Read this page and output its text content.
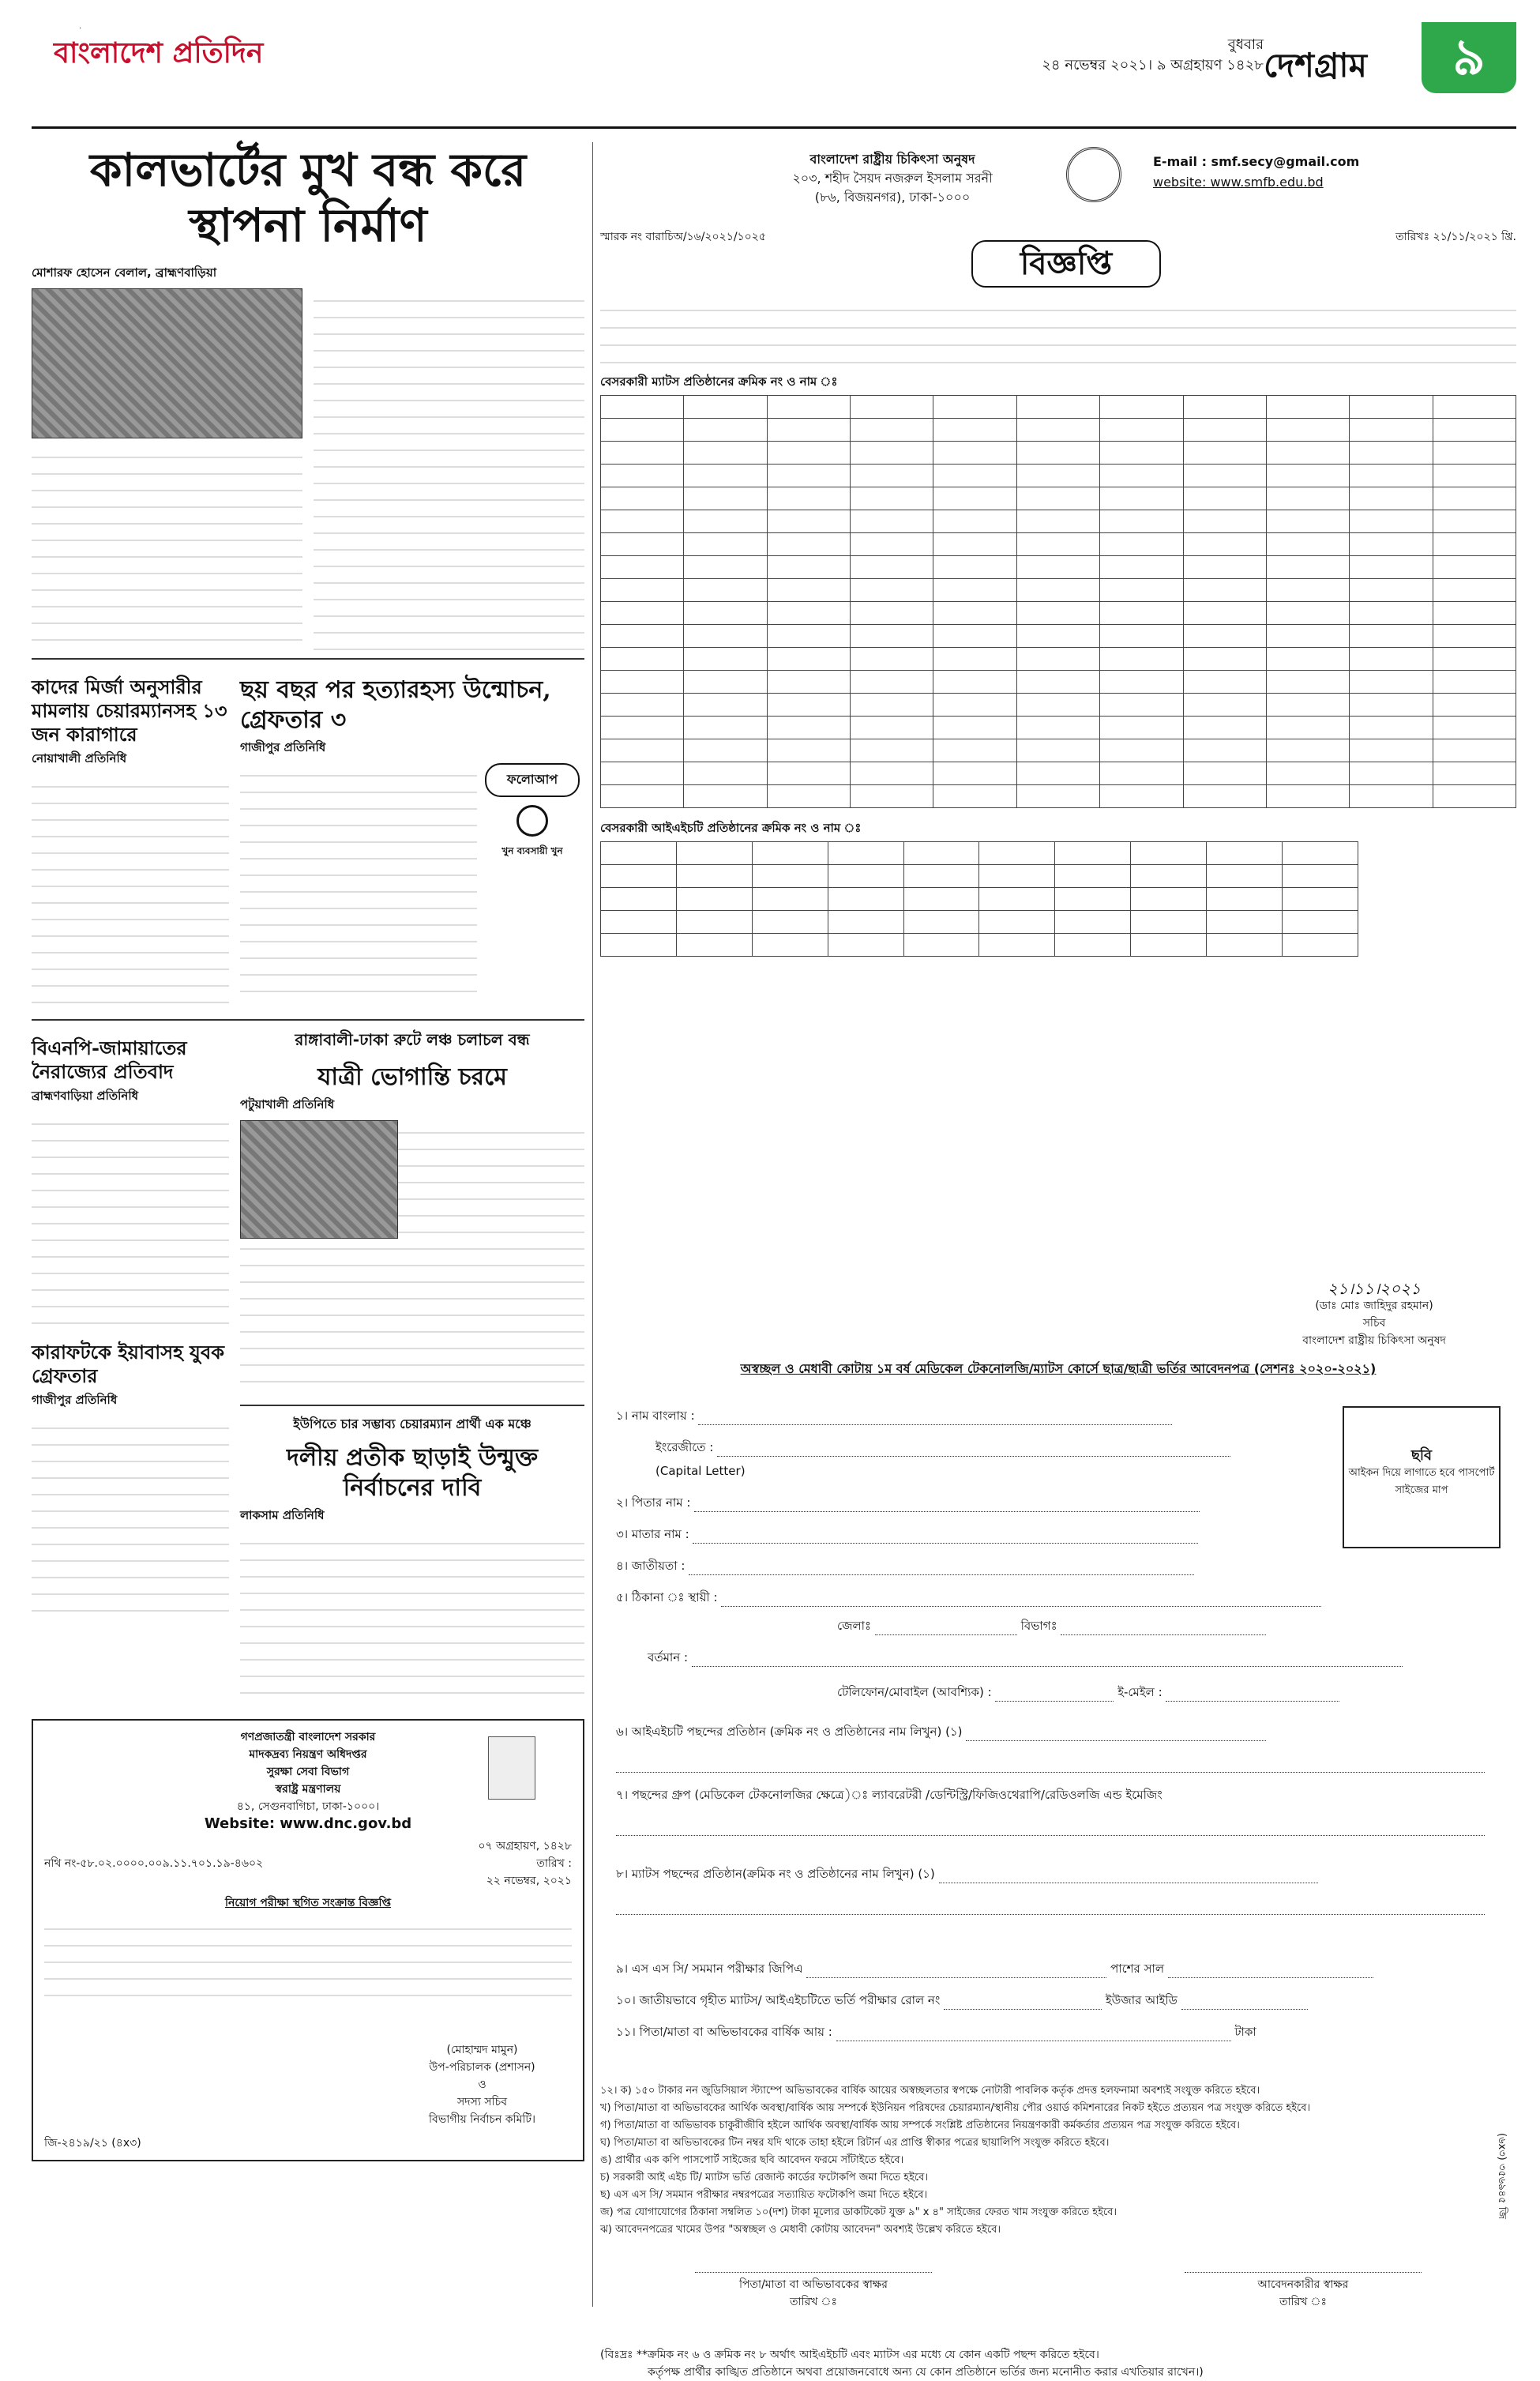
.
বাংলাদেশ প্রতিদিন	বুধবার
২৪ নভেম্বর ২০২১। ৯ অগ্রহায়ণ ১৪২৮ দেশগ্রাম	৯
কালভার্টের মুখ বন্ধ করে স্থাপনা নির্মাণ
মোশারফ হোসেন বেলাল, ব্রাহ্মণবাড়িয়া
কাদের মির্জা অনুসারীর মামলায় চেয়ারম্যানসহ ১৩ জন কারাগারে
নোয়াখালী প্রতিনিধি
ছয় বছর পর হত্যারহস্য উন্মোচন, গ্রেফতার ৩
গাজীপুর প্রতিনিধি
ফলোআপ
খুন ব্যবসায়ী খুন
বিএনপি-জামায়াতের নৈরাজ্যের প্রতিবাদ
ব্রাহ্মণবাড়িয়া প্রতিনিধি
কারাফটকে ইয়াবাসহ যুবক গ্রেফতার
গাজীপুর প্রতিনিধি
রাঙ্গাবালী-ঢাকা রুটে লঞ্চ চলাচল বন্ধ
যাত্রী ভোগান্তি চরমে
পটুয়াখালী প্রতিনিধি
ইউপিতে চার সম্ভাব্য চেয়ারম্যান প্রার্থী এক মঞ্চে
দলীয় প্রতীক ছাড়াই উন্মুক্ত নির্বাচনের দাবি
লাকসাম প্রতিনিধি
গণপ্রজাতন্ত্রী বাংলাদেশ সরকার
মাদকদ্রব্য নিয়ন্ত্রণ অধিদপ্তর
সুরক্ষা সেবা বিভাগ
স্বরাষ্ট্র মন্ত্রণালয়
৪১, সেগুনবাগিচা, ঢাকা-১০০০।
Website: www.dnc.gov.bd
০৭ অগ্রহায়ণ, ১৪২৮
নথি নং-৫৮.০২.০০০০.০০৯.১১.৭০১.১৯-৪৬০২	তারিখ :
২২ নভেম্বর, ২০২১
নিয়োগ পরীক্ষা স্থগিত সংক্রান্ত বিজ্ঞপ্তি
(মোহাম্মদ মামুন)
উপ-পরিচালক (প্রশাসন)
ও
সদস্য সচিব
বিভাগীয় নির্বাচন কমিটি।
জি-২৪১৯/২১ (৪x৩)
বাংলাদেশ রাষ্ট্রীয় চিকিৎসা অনুষদ
২০৩, শহীদ সৈয়দ নজরুল ইসলাম সরনী
(৮৬, বিজয়নগর), ঢাকা-১০০০
E-mail : smf.secy@gmail.com
website: www.smfb.edu.bd
স্মারক নং বারাচিঅ/১৬/২০২১/১০২৫	তারিখঃ ২১/১১/২০২১ খ্রি.
বিজ্ঞপ্তি
বেসরকারী ম্যাটস প্রতিষ্ঠানের ক্রমিক নং ও নাম ঃ

বেসরকারী আইএইচটি প্রতিষ্ঠানের ক্রমিক নং ও নাম ঃ

২১।১১।২০২১
(ডাঃ মোঃ জাহিদুর রহমান)
সচিব
বাংলাদেশ রাষ্ট্রীয় চিকিৎসা অনুষদ
অস্বচ্ছল ও মেধাবী কোটায় ১ম বর্ষ মেডিকেল টেকনোলজি/ম্যাটস কোর্সে ছাত্র/ছাত্রী ভর্তির আবেদনপত্র (সেশনঃ ২০২০-২০২১)
ছবি
আইকন দিয়ে লাগাতে হবে পাসপোর্ট সাইজের মাপ
১। নাম বাংলায় :
ইংরেজীতে :
(Capital Letter)
২। পিতার নাম :
৩। মাতার নাম :
৪। জাতীয়তা :
৫। ঠিকানা ঃ স্থায়ী :
জেলাঃ	বিভাগঃ
বর্তমান :
টেলিফোন/মোবাইল (আবশ্যিক) :	ই-মেইল :
৬। আইএইচটি পছন্দের প্রতিষ্ঠান (ক্রমিক নং ও প্রতিষ্ঠানের নাম লিখুন) (১)
৭। পছন্দের গ্রুপ (মেডিকেল টেকনোলজির ক্ষেত্রে)ঃ ল্যাবরেটরী /ডেন্টিস্ট্রি/ফিজিওথেরাপি/রেডিওলজি এন্ড ইমেজিং
৮। ম্যাটস পছন্দের প্রতিষ্ঠান(ক্রমিক নং ও প্রতিষ্ঠানের নাম লিখুন) (১)
৯। এস এস সি/ সমমান পরীক্ষার জিপিএ	পাশের সাল
১০। জাতীয়ভাবে গৃহীত ম্যাটস/ আইএইচটিতে ভর্তি পরীক্ষার রোল নং	ইউজার আইডি
১১। পিতা/মাতা বা অভিভাবকের বার্ষিক আয় :	টাকা
১২। ক) ১৫০ টাকার নন জুডিসিয়াল স্ট্যাম্পে অভিভাবকের বার্ষিক আয়ের অস্বচ্ছলতার স্বপক্ষে নোটারী পাবলিক কর্তৃক প্রদত্ত হলফনামা অবশ্যই সংযুক্ত করিতে হইবে।
খ) পিতা/মাতা বা অভিভাবকের আর্থিক অবস্থা/বার্ষিক আয় সম্পর্কে ইউনিয়ন পরিষদের চেয়ারম্যান/স্থানীয় পৌর ওয়ার্ড কমিশনারের নিকট হইতে প্রত্যয়ন পত্র সংযুক্ত করিতে হইবে।
গ) পিতা/মাতা বা অভিভাবক চাকুরীজীবি হইলে আর্থিক অবস্থা/বার্ষিক আয় সম্পর্কে সংশ্লিষ্ট প্রতিষ্ঠানের নিয়ন্ত্রণকারী কর্মকর্তার প্রত্যয়ন পত্র সংযুক্ত করিতে হইবে।
ঘ) পিতা/মাতা বা অভিভাবকের টিন নম্বর যদি থাকে তাহা হইলে রিটার্ন এর প্রাপ্তি স্বীকার পত্রের ছায়ালিপি সংযুক্ত করিতে হইবে।
ঙ) প্রার্থীর এক কপি পাসপোর্ট সাইজের ছবি আবেদন ফরমে সাঁটাইতে হইবে।
চ) সরকারী আই এইচ টি/ ম্যাটস ভর্তি রেজাল্ট কার্ডের ফটোকপি জমা দিতে হইবে।
ছ) এস এস সি/ সমমান পরীক্ষার নম্বরপত্রের সত্যায়িত ফটোকপি জমা দিতে হইবে।
জ) পত্র যোগাযোগের ঠিকানা সম্বলিত ১০(দশ) টাকা মূল্যের ডাকটিকেট যুক্ত ৯" x ৪" সাইজের ফেরত খাম সংযুক্ত করিতে হইবে।
ঝ) আবেদনপত্রের খামের উপর "অস্বচ্ছল ও মেধাবী কোটায় আবেদন" অবশ্যই উল্লেখ করিতে হইবে।
পিতা/মাতা বা অভিভাবকের স্বাক্ষর
তারিখ ঃ
আবেদনকারীর স্বাক্ষর
তারিখ ঃ
(বিঃদ্রঃ **ক্রমিক নং ৬ ও ক্রমিক নং ৮ অর্থাৎ আইএইচটি এবং ম্যাটস এর মধ্যে যে কোন একটি পছন্দ করিতে হইবে।
কর্তৃপক্ষ প্রার্থীর কাঙ্খিত প্রতিষ্ঠানে অথবা প্রয়োজনবোধে অন্য যে কোন প্রতিষ্ঠানে ভর্তির জন্য মনোনীত করার এখতিয়ার রাখেন।)
(৬x৩) ৩৫৬৯৪৫ জি
